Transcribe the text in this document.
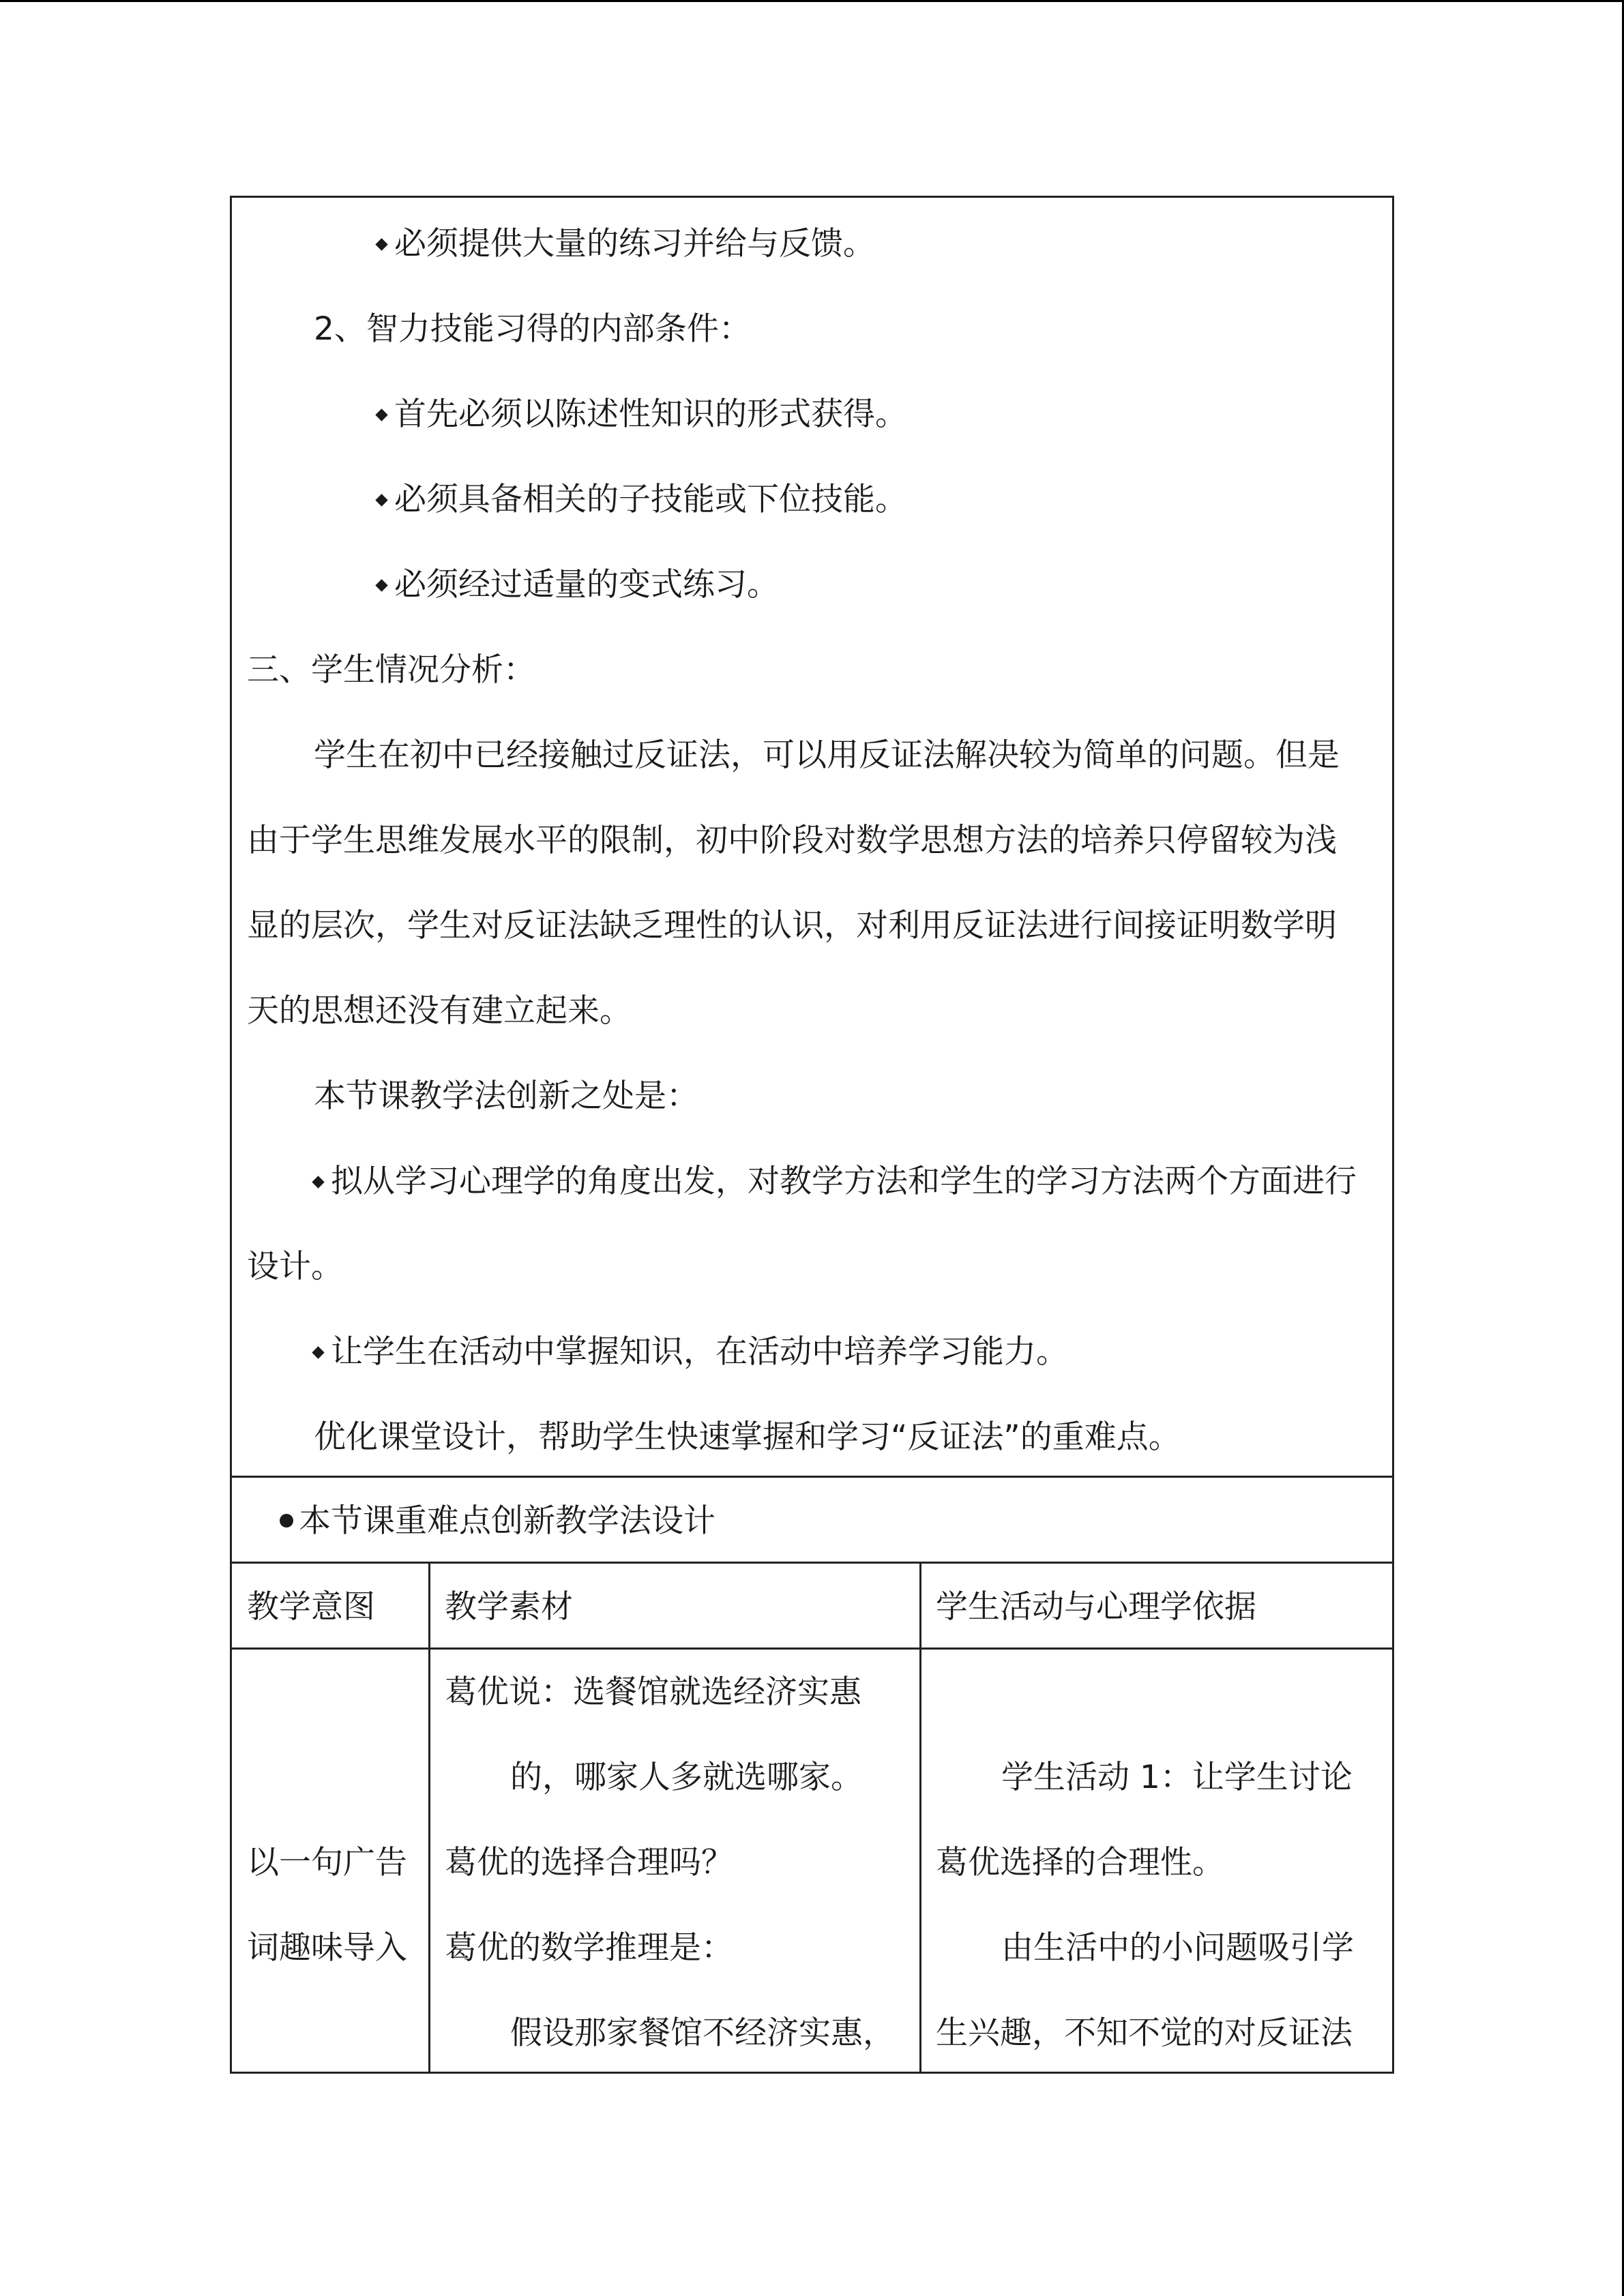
必须提供大量的练习并给与反馈。
2、智力技能习得的内部条件：
首先必须以陈述性知识的形式获得。
必须具备相关的子技能或下位技能。
必须经过适量的变式练习。
三、学生情况分析：
学生在初中已经接触过反证法，可以用反证法解决较为简单的问题。但是
由于学生思维发展水平的限制，初中阶段对数学思想方法的培养只停留较为浅
显的层次，学生对反证法缺乏理性的认识，对利用反证法进行间接证明数学明
天的思想还没有建立起来。
本节课教学法创新之处是：
拟从学习心理学的角度出发，对教学方法和学生的学习方法两个方面进行
设计。
让学生在活动中掌握知识，在活动中培养学习能力。
优化课堂设计，帮助学生快速掌握和学习“反证法”的重难点。
本节课重难点创新教学法设计
教学意图 教学素材	学生活动与心理学依据
以一句广告
词趣味导入
葛优说：选餐馆就选经济实惠
的，哪家人多就选哪家。
葛优的选择合理吗？
葛优的数学推理是：
假设那家餐馆不经济实惠，
学生活动 1：让学生讨论
葛优选择的合理性。
由生活中的小问题吸引学
生兴趣，不知不觉的对反证法
